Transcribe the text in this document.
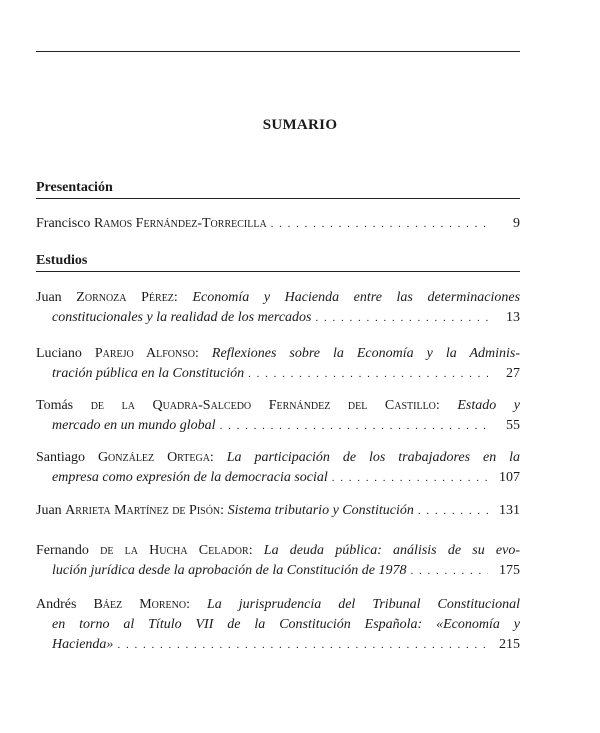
SUMARIO
Presentación
Francisco Ramos Fernández-Torrecilla . . .	9
Estudios
Juan Zornoza Pérez: Economía y Hacienda entre las determinaciones
constitucionales y la realidad de los mercados . . .	13
Luciano Parejo Alfonso: Reflexiones sobre la Economía y la Adminis-
tración pública en la Constitución . . .	27
Tomás de la Quadra-Salcedo Fernández del Castillo: Estado y
mercado en un mundo global . . .	55
Santiago González Ortega: La participación de los trabajadores en la
empresa como expresión de la democracia social . . .	107
Juan Arrieta Martínez de Pisón: Sistema tributario y Constitución . . .	131
Fernando de la Hucha Celador: La deuda pública: análisis de su evo-
lución jurídica desde la aprobación de la Constitución de 1978 . . .	175
Andrés Báez Moreno: La jurisprudencia del Tribunal Constitucional
en torno al Título VII de la Constitución Española: «Economía y
Hacienda» . . .	215
